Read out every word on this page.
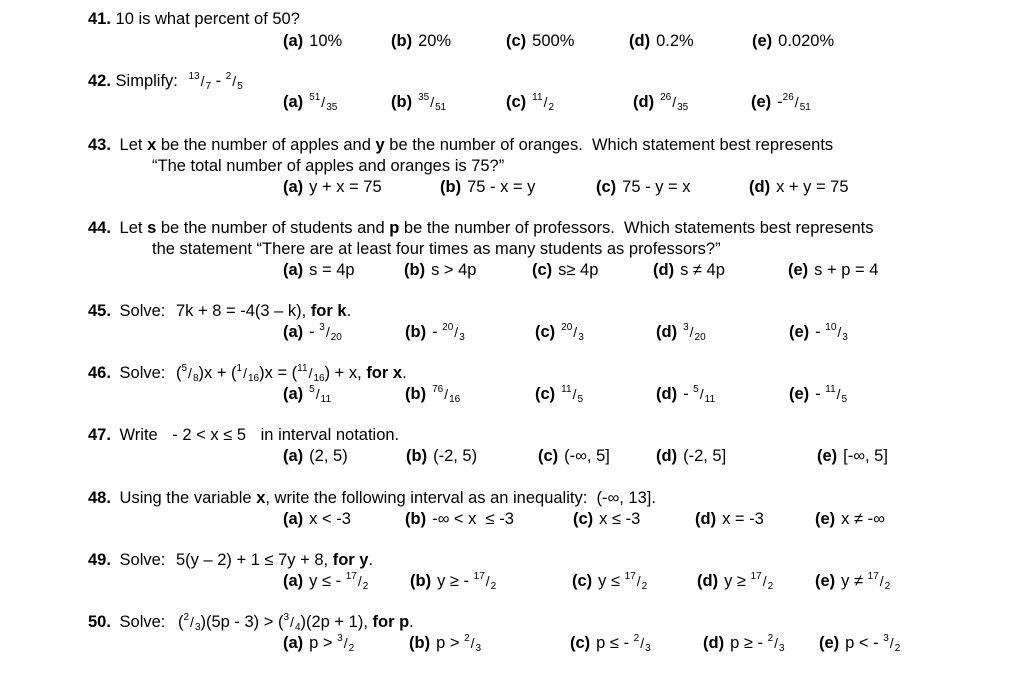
41. 10 is what percent of 50?
(a) 10%	(b) 20%	(c) 500%	(d) 0.2%	(e) 0.020%
42. Simplify: $^{13}/_7 - ^2/_5$
(a) $^{51}/_{35}$	(b) $^{35}/_{51}$	(c) $^{11}/_2$	(d) $^{26}/_{35}$	(e) $-^{26}/_{51}$
43. Let x be the number of apples and y be the number of oranges.  Which statement best represents
“The total number of apples and oranges is 75?”
(a) y + x = 75	(b) 75 - x = y	(c) 75 - y = x	(d) x + y = 75
44. Let s be the number of students and p be the number of professors.  Which statements best represents
the statement “There are at least four times as many students as professors?”
(a) s = 4p	(b) s > 4p	(c) s≥ 4p	(d) s ≠ 4p	(e) s + p = 4
45. Solve: 7k + 8 = -4(3 – k), for k.
$(a) - ^3/_{20}$	$(b) - ^{20}/_3$	(c) $^{20}/_3$	(d) $^3/_{20}$	$(e) - ^{10}/_3$
46. Solve: $(^5/_8)x + (^1/_{16})x = (^{11}/_{16}) + x$, for x.
(a) $^5/_{11}$	(b) $^{76}/_{16}$	(c) $^{11}/_5$	$(d) - ^5/_{11}$	$(e) - ^{11}/_5$
47. Write - 2 < x ≤ 5 in interval notation.
(a) (2, 5)	(b) (-2, 5)	(c) (-∞, 5]	(d) (-2, 5]	(e) [-∞, 5]
48. Using the variable x, write the following interval as an inequality:  (-∞, 13].
(a) x < -3	(b) -∞ < x  ≤ -3	(c) x ≤ -3	(d) x = -3	(e) x ≠ -∞
49. Solve: 5(y – 2) + 1 ≤ 7y + 8, for y.
(a) y ≤ - $^{17}/_2$	(b) y ≥ - $^{17}/_2$	(c) $y \le ^{17}/_2$	(d) $y \ge ^{17}/_2$	(e) $y \ne ^{17}/_2$
50. Solve: $(^2/_3)(5p - 3) > (^3/_4)(2p + 1)$, for p.
(a) $p > ^3/_2$	(b) $p > ^2/_3$	(c) p ≤ - $^2/_3$	(d) p ≥ - $^2/_3$ (e) p < - $^3/_2$
